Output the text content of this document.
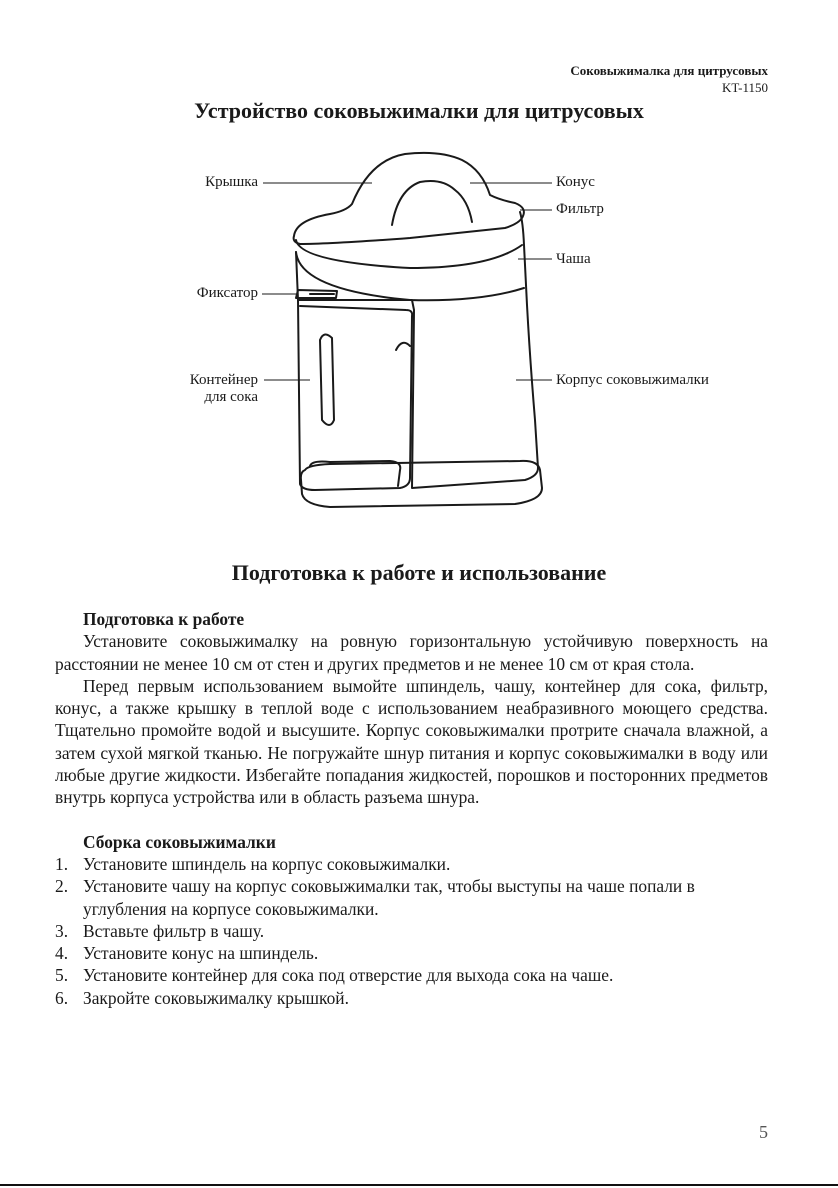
Соковыжималка для цитрусовых
KT-1150
Устройство соковыжималки для цитрусовых
Крышка	Конус
Фильтр
Чаша
Фиксатор
Контейнер
для сока
Корпус соковыжималки
Подготовка к работе и использование
Подготовка к работе

Установите соковыжималку на ровную горизонтальную устойчивую поверхность на расстоянии не менее 10 см от стен и других предметов и не менее 10 см от края стола.

Перед первым использованием вымойте шпиндель, чашу, контейнер для сока, фильтр, конус, а также крышку в теплой воде с использованием неабразивного моющего средства. Тщательно промойте водой и высушите. Корпус соковыжималки протрите сначала влажной, а затем сухой мягкой тканью. Не погружайте шнур питания и корпус соковыжималки в воду или любые другие жидкости. Избегайте попадания жидкостей, порошков и посторонних предметов внутрь корпуса устройства или в область разъема шнура.

Сборка соковыжималки
1. Установите шпиндель на корпус соковыжималки.
2. Установите чашу на корпус соковыжималки так, чтобы выступы на чаше попали в углубления на корпусе соковыжималки.
3. Вставьте фильтр в чашу.
4. Установите конус на шпиндель.
5. Установите контейнер для сока под отверстие для выхода сока на чаше.
6. Закройте соковыжималку крышкой.
5
